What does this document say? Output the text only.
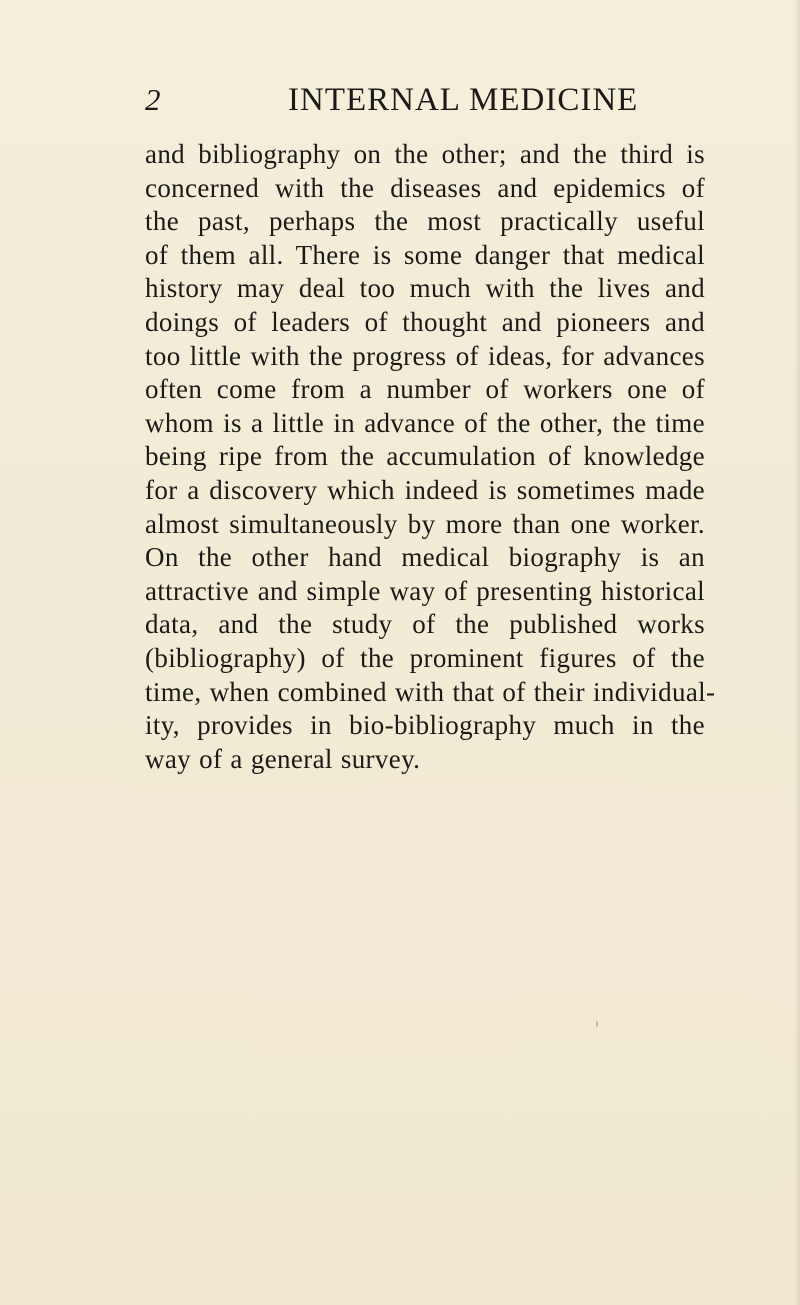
2	INTERNAL MEDICINE

and bibliography on the other; and the third is
concerned with the diseases and epidemics of
the past, perhaps the most practically useful
of them all. There is some danger that medical
history may deal too much with the lives and
doings of leaders of thought and pioneers and
too little with the progress of ideas, for advances
often come from a number of workers one of
whom is a little in advance of the other, the time
being ripe from the accumulation of knowledge
for a discovery which indeed is sometimes made
almost simultaneously by more than one worker.
On the other hand medical biography is an
attractive and simple way of presenting historical
data, and the study of the published works
(bibliography) of the prominent figures of the
time, when combined with that of their individual-
ity, provides in bio-bibliography much in the
way of a general survey.
